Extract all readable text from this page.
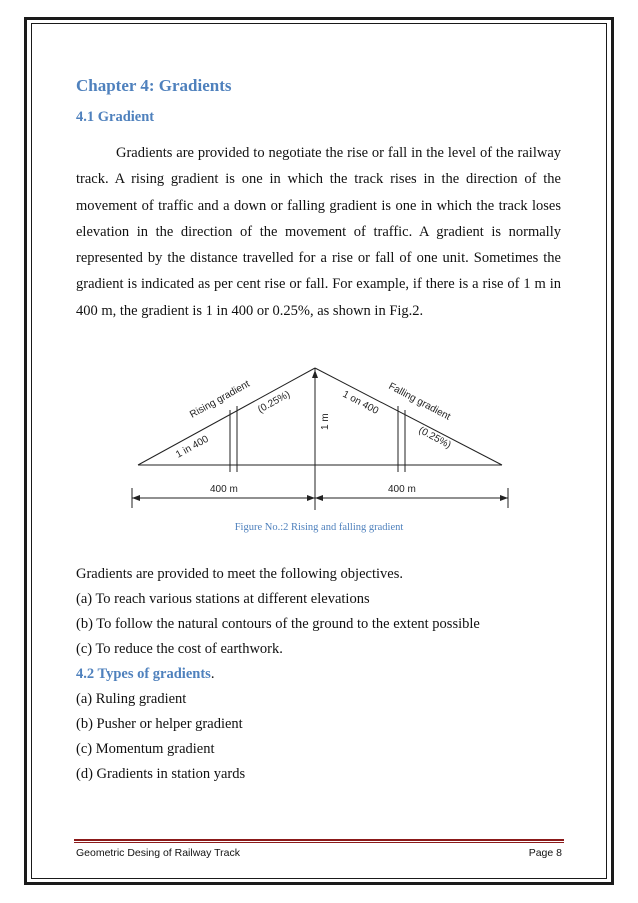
Chapter 4: Gradients
4.1 Gradient

Gradients are provided to negotiate the rise or fall in the level of the railway track. A rising gradient is one in which the track rises in the direction of the movement of traffic and a down or falling gradient is one in which the track loses elevation in the direction of the movement of traffic. A gradient is normally represented by the distance travelled for a rise or fall of one unit. Sometimes the gradient is indicated as per cent rise or fall. For example, if there is a rise of 1 m in 400 m, the gradient is 1 in 400 or 0.25%, as shown in Fig.2.

Rising gradient (0.25%)
1 in 400
1 m
1 on 400 Falling gradient
(0.25%)
400 m	400 m
Figure No.:2 Rising and falling gradient
Gradients are provided to meet the following objectives.
(a) To reach various stations at different elevations
(b) To follow the natural contours of the ground to the extent possible
(c) To reduce the cost of earthwork.
4.2 Types of gradients.
(a) Ruling gradient
(b) Pusher or helper gradient
(c) Momentum gradient
(d) Gradients in station yards
Geometric Desing of Railway Track	Page 8
